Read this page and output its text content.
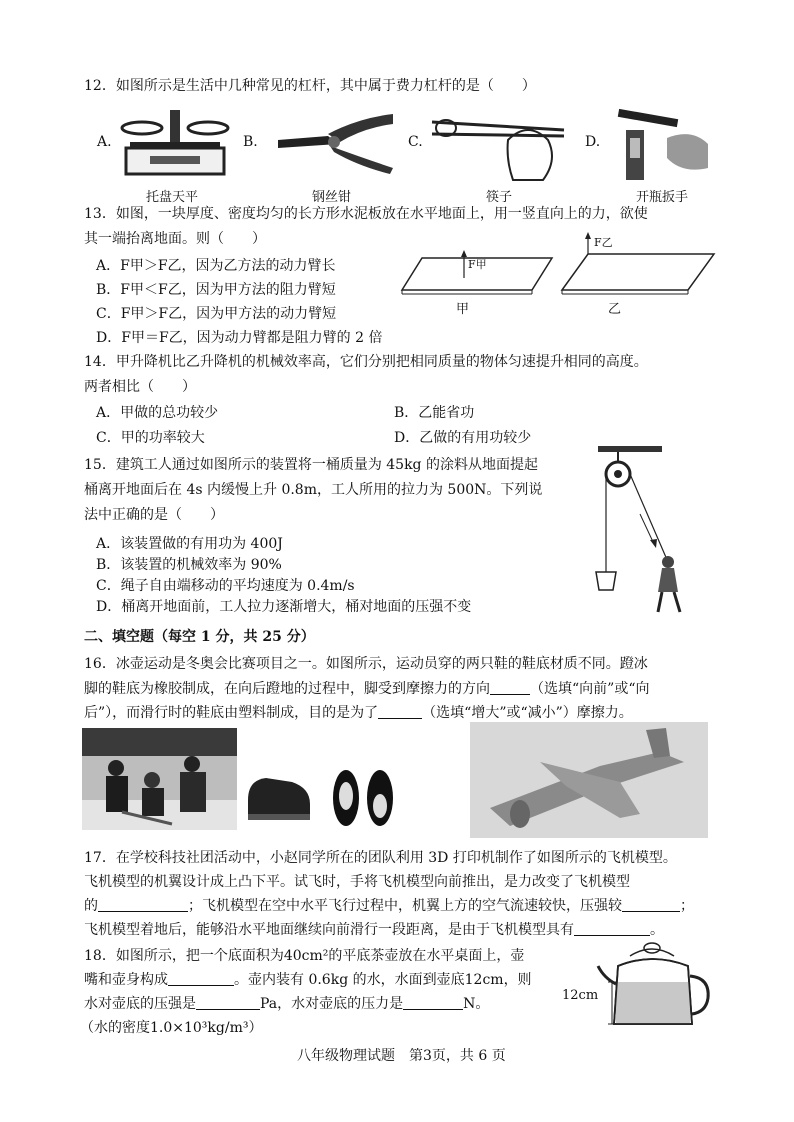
12．如图所示是生活中几种常见的杠杆，其中属于费力杠杆的是（　　）
A.
托盘天平
B.
钢丝钳
C.
筷子
D.
开瓶扳手
13．如图，一块厚度、密度均匀的长方形水泥板放在水平地面上，用一竖直向上的力，欲使
其一端抬离地面。则（　　）
A．F甲＞F乙，因为乙方法的动力臂长
B．F甲＜F乙，因为甲方法的阻力臂短
C．F甲＞F乙，因为甲方法的动力臂短
D．F甲＝F乙，因为动力臂都是阻力臂的 2 倍
F甲
F乙
甲	乙
14．甲升降机比乙升降机的机械效率高，它们分别把相同质量的物体匀速提升相同的高度。
两者相比（　　）
A．甲做的总功较少	B．乙能省功
C．甲的功率较大	D．乙做的有用功较少
15．建筑工人通过如图所示的装置将一桶质量为 45kg 的涂料从地面提起
桶离开地面后在 4s 内缓慢上升 0.8m，工人所用的拉力为 500N。下列说
法中正确的是（　　）
A．该装置做的有用功为 400J
B．该装置的机械效率为 90%
C．绳子自由端移动的平均速度为 0.4m/s
D．桶离开地面前，工人拉力逐渐增大，桶对地面的压强不变
二、填空题（每空 1 分，共 25 分）
16．冰壶运动是冬奥会比赛项目之一。如图所示，运动员穿的两只鞋的鞋底材质不同。蹬冰
脚的鞋底为橡胶制成，在向后蹬地的过程中，脚受到摩擦力的方向	（选填“向前”或“向
后”），而滑行时的鞋底由塑料制成，目的是为了	（选填“增大”或“减小”）摩擦力。
17．在学校科技社团活动中，小赵同学所在的团队利用 3D 打印机制作了如图所示的飞机模型。
飞机模型的机翼设计成上凸下平。试飞时，手将飞机模型向前推出，是力改变了飞机模型
的	；飞机模型在空中水平飞行过程中，机翼上方的空气流速较快，压强较	；
飞机模型着地后，能够沿水平地面继续向前滑行一段距离，是由于飞机模型具有	。
18．如图所示，把一个底面积为40cm²的平底茶壶放在水平桌面上，壶
嘴和壶身构成	。壶内装有 0.6kg 的水，水面到壶底12cm，则
水对壶底的压强是	Pa，水对壶底的压力是	N。
（水的密度1.0×10³kg/m³）
12cm
八年级物理试题　第3页，共 6 页
